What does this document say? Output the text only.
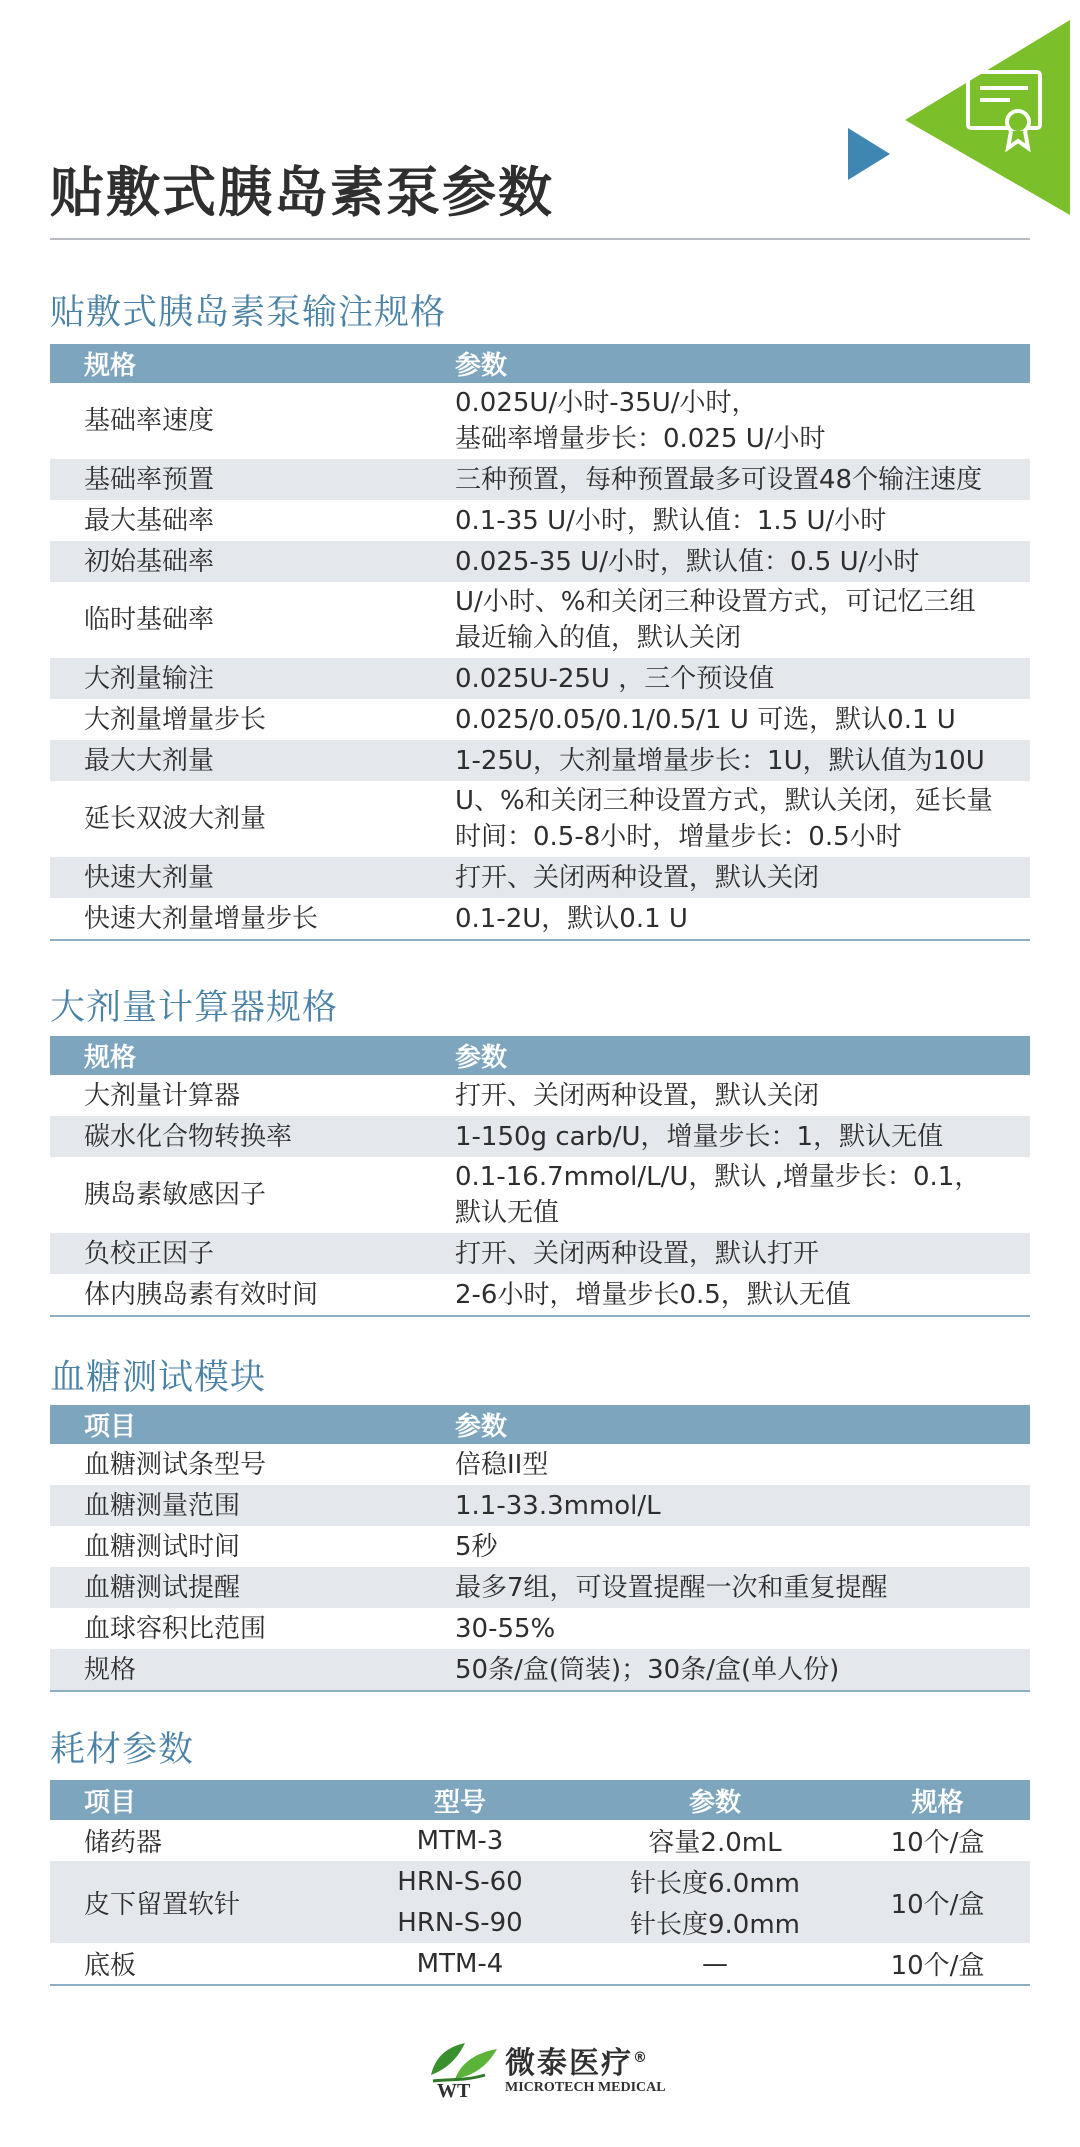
贴敷式胰岛素泵参数
贴敷式胰岛素泵输注规格
规格	参数
基础率速度	0.025U/小时-35U/小时，
基础率增量步长：0.025 U/小时

基础率预置	三种预置，每种预置最多可设置48个输注速度
最大基础率	0.1-35 U/小时，默认值：1.5 U/小时
初始基础率	0.025-35 U/小时，默认值：0.5 U/小时
临时基础率	U/小时、%和关闭三种设置方式，可记忆三组
最近输入的值，默认关闭

大剂量输注	0.025U-25U ，三个预设值
大剂量增量步长	0.025/0.05/0.1/0.5/1 U 可选，默认0.1 U
最大大剂量	1-25U，大剂量增量步长：1U，默认值为10U
延长双波大剂量	U、%和关闭三种设置方式，默认关闭，延长量
时间：0.5-8小时，增量步长：0.5小时

快速大剂量	打开、关闭两种设置，默认关闭
快速大剂量增量步长	0.1-2U，默认0.1 U
大剂量计算器规格
规格	参数
大剂量计算器	打开、关闭两种设置，默认关闭
碳水化合物转换率	1-150g carb/U，增量步长：1，默认无值
胰岛素敏感因子	0.1-16.7mmol/L/U，默认 ,增量步长：0.1，
默认无值

负校正因子	打开、关闭两种设置，默认打开
体内胰岛素有效时间	2-6小时，增量步长0.5，默认无值
血糖测试模块
项目	参数
血糖测试条型号	倍稳II型
血糖测量范围	1.1-33.3mmol/L
血糖测试时间	5秒
血糖测试提醒	最多7组，可设置提醒一次和重复提醒
血球容积比范围	30-55%
规格	50条/盒(筒装)；30条/盒(单人份)
耗材参数
项目	型号	参数	规格
储药器	MTM-3	容量2.0mL	10个/盒
皮下留置软针	HRN-S-60	针长度6.0mm	10个/盒
	HRN-S-90	针长度9.0mm	
底板	MTM-4	—	10个/盒
WT
微泰医疗®
MICROTECH MEDICAL
